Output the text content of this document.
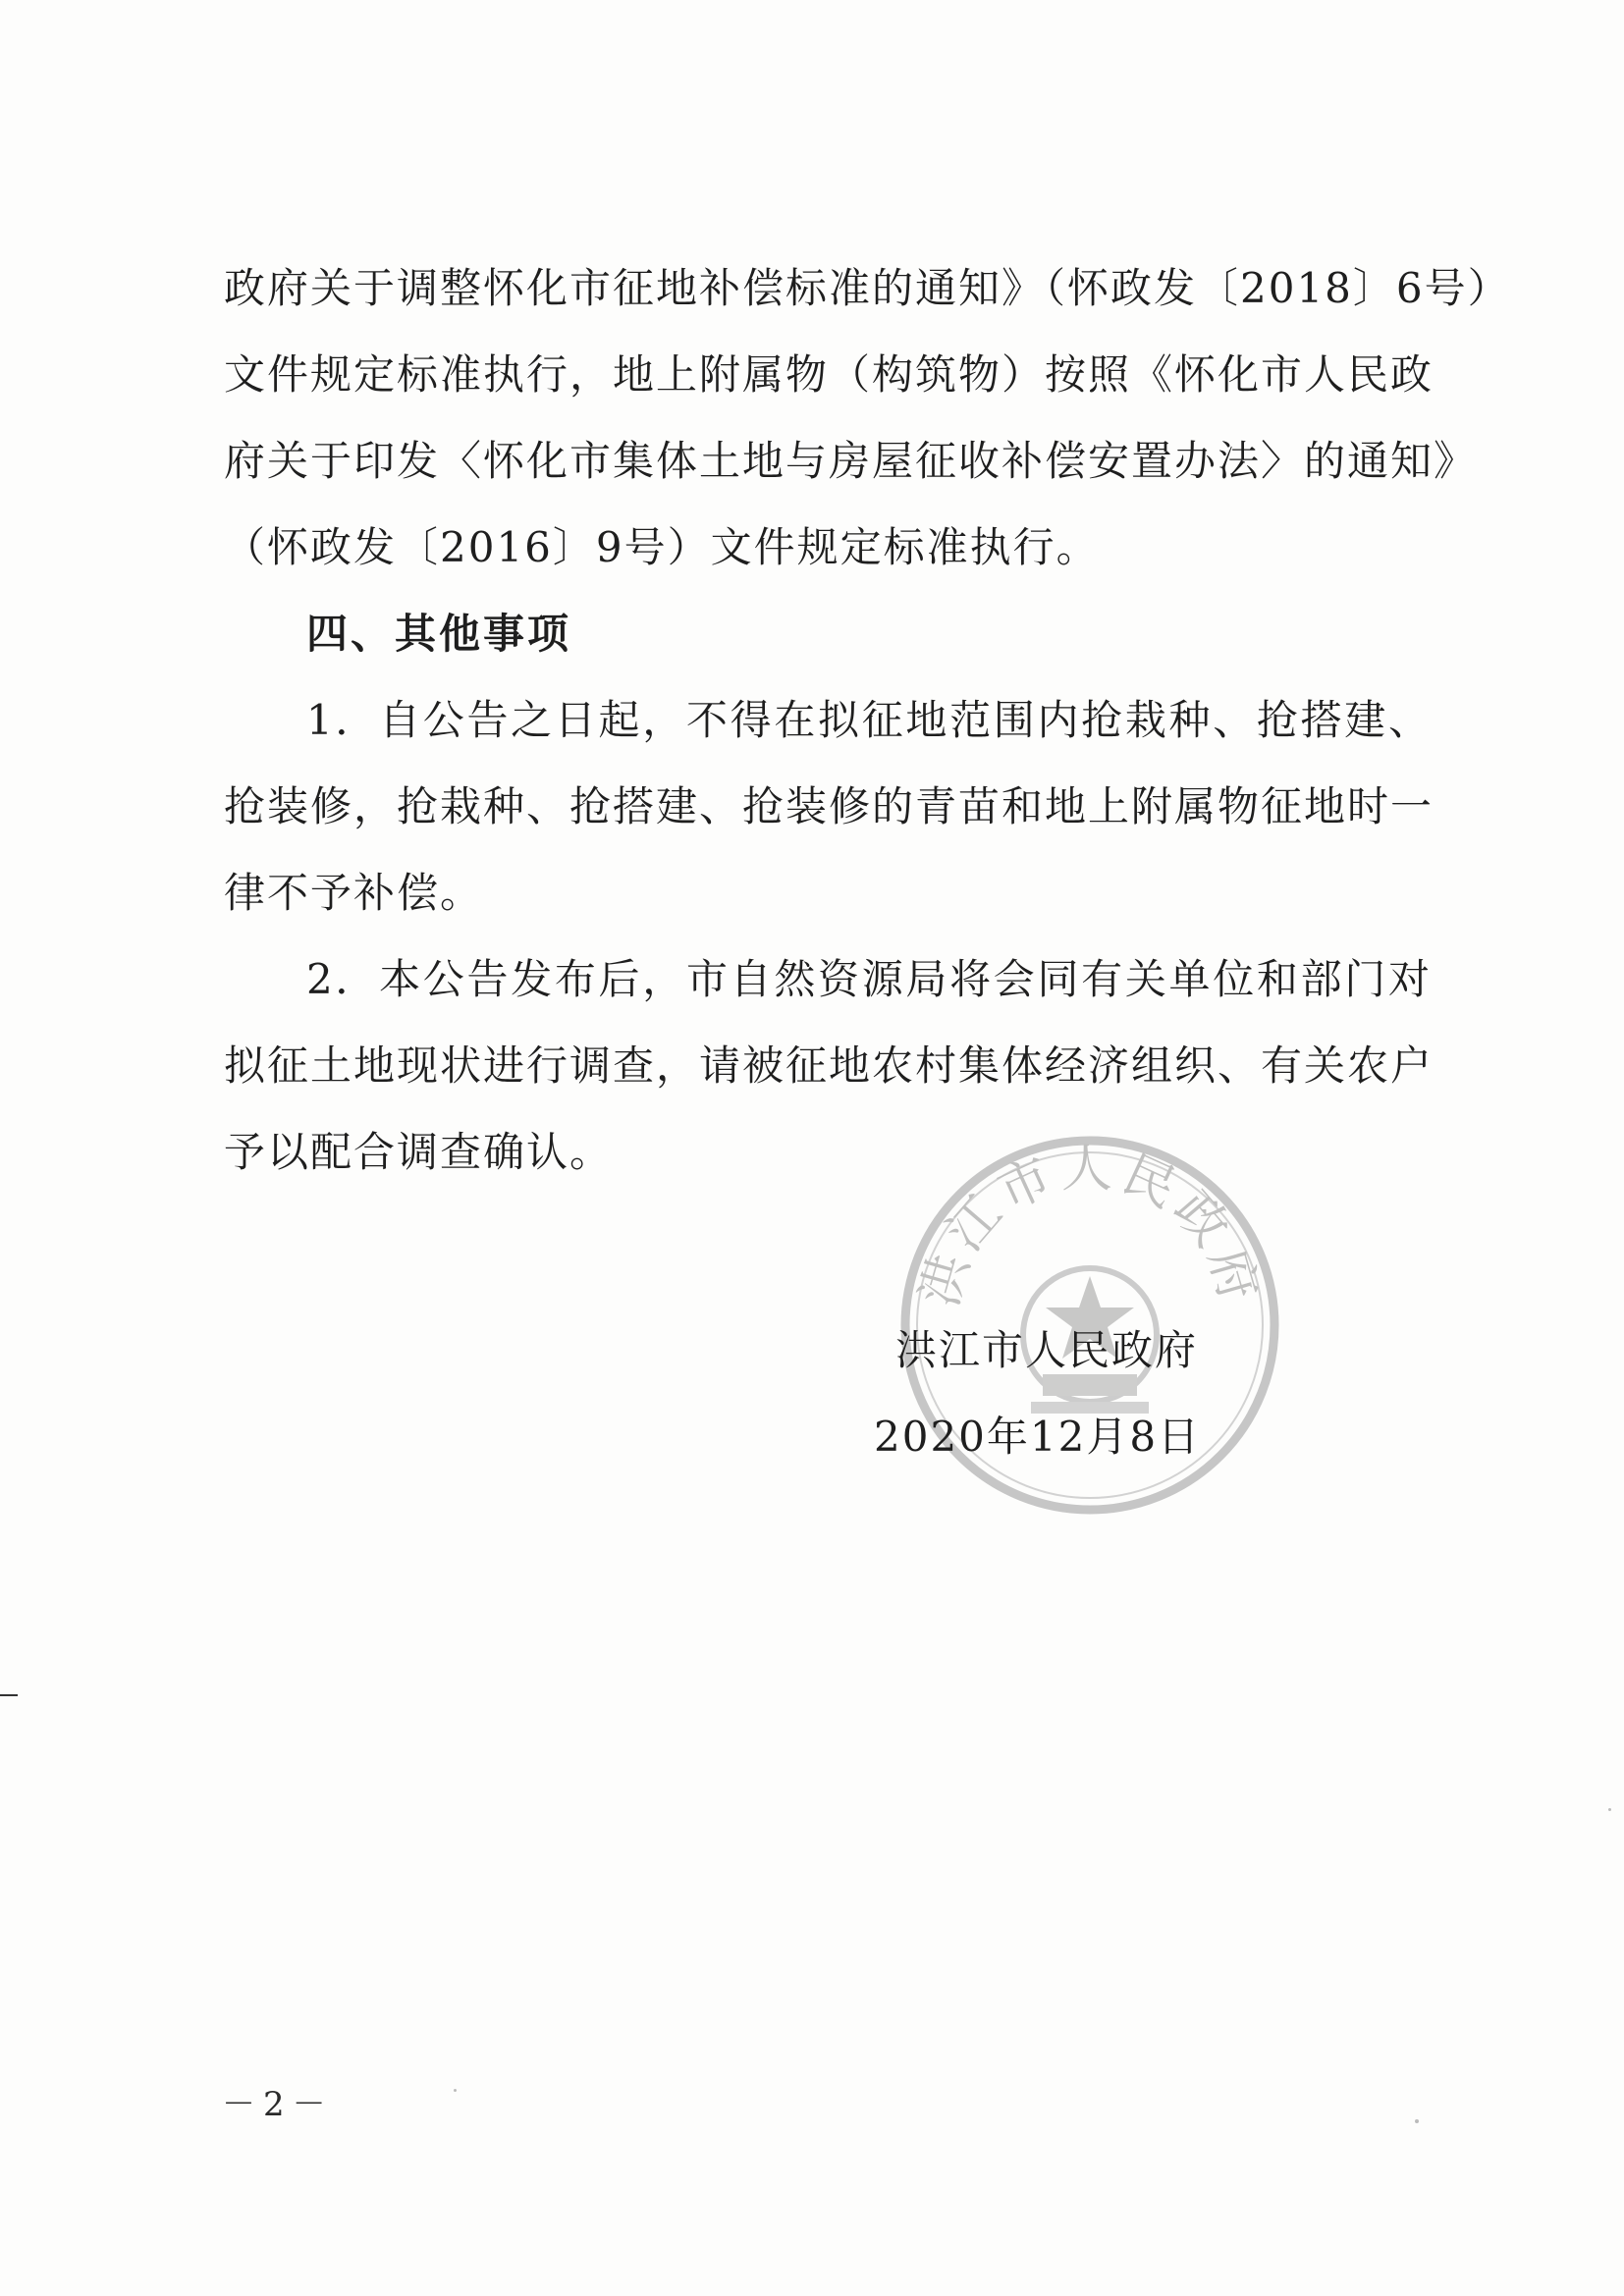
政府关于调整怀化市征地补偿标准的通知》（怀政发〔2018〕6号）
文件规定标准执行，地上附属物（构筑物）按照《怀化市人民政
府关于印发〈怀化市集体土地与房屋征收补偿安置办法〉的通知》
（怀政发〔2016〕9号）文件规定标准执行。
四、其他事项
1．自公告之日起，不得在拟征地范围内抢栽种、抢搭建、
抢装修，抢栽种、抢搭建、抢装修的青苗和地上附属物征地时一
律不予补偿。
2．本公告发布后，市自然资源局将会同有关单位和部门对
拟征土地现状进行调查，请被征地农村集体经济组织、有关农户
予以配合调查确认。
洪江市人民政府
洪江市人民政府
2020年12月8日
－2－
